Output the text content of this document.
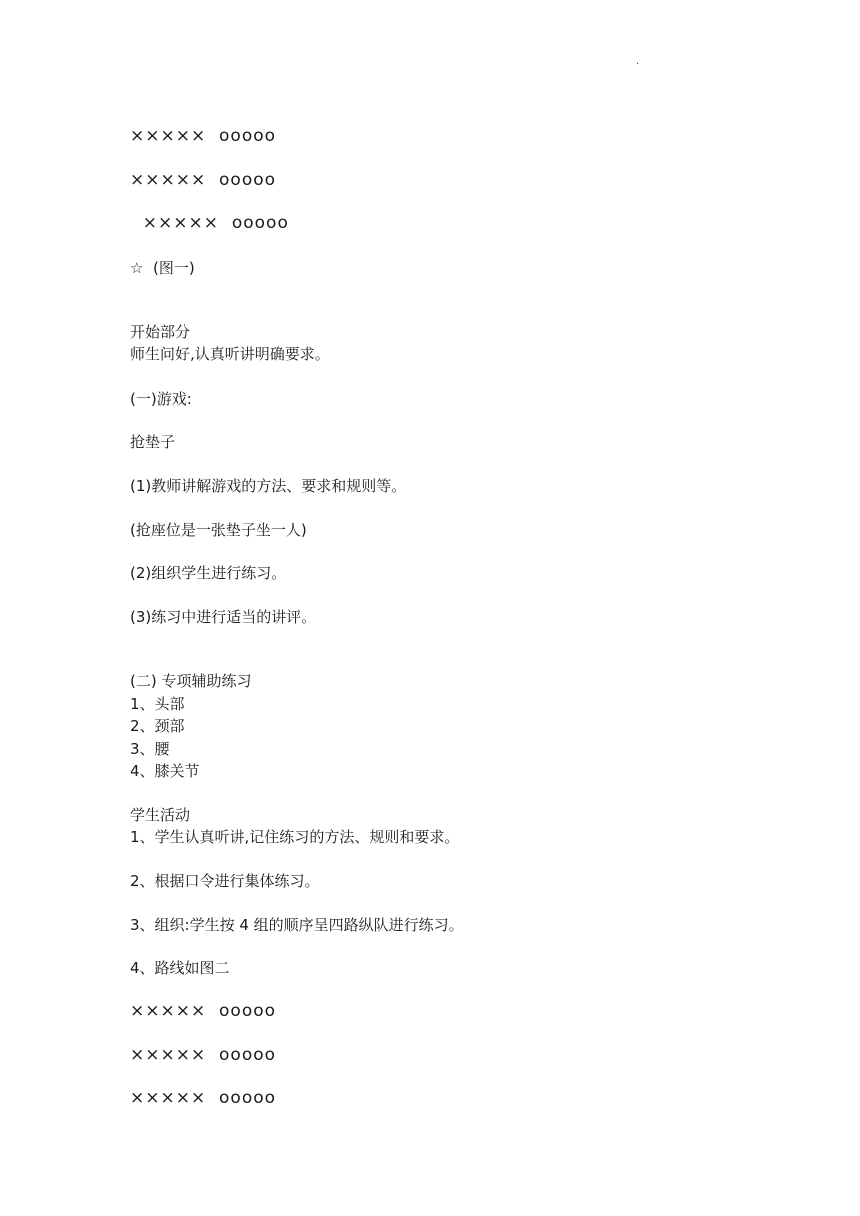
.
×××××  ooooo
×××××  ooooo
×××××  ooooo
☆  (图一)
开始部分
师生问好,认真听讲明确要求。
(一)游戏:
抢垫子
(1)教师讲解游戏的方法、要求和规则等。
(抢座位是一张垫子坐一人)
(2)组织学生进行练习。
(3)练习中进行适当的讲评。
(二) 专项辅助练习
1、头部
2、颈部
3、腰
4、膝关节
学生活动
1、学生认真听讲,记住练习的方法、规则和要求。
2、根据口令进行集体练习。
3、组织:学生按 4 组的顺序呈四路纵队进行练习。
4、路线如图二
×××××  ooooo
×××××  ooooo
×××××  ooooo
